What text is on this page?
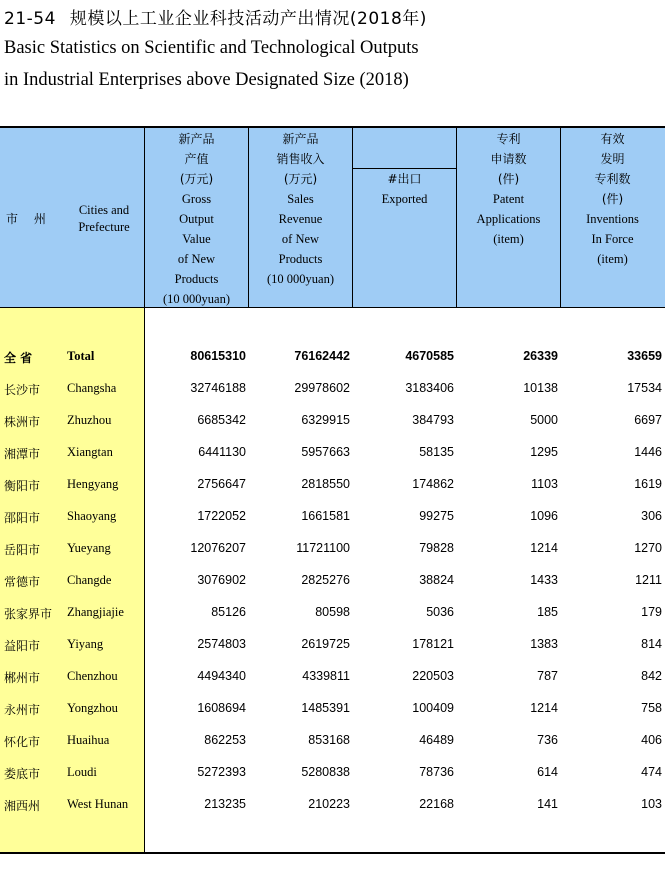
21-54 规模以上工业企业科技活动产出情况(2018年)
Basic Statistics on Scientific and Technological Outputs
in Industrial Enterprises above Designated Size (2018)
市 州
Cities and
Prefecture
新产品
产值
(万元)
Gross
Output
Value
of New
Products
(10 000yuan)
新产品
销售收入
(万元)
Sales
Revenue
of New
Products
(10 000yuan)
#出口
Exported
专利
申请数
(件)
Patent
Applications
(item)
有效
发明
专利数
(件)
Inventions
In Force
(item)
全 省	Total	80615310	76162442	4670585	26339	33659
长沙市 Changsha	32746188	29978602	3183406	10138	17534
株洲市 Zhuzhou	6685342	6329915	384793	5000	6697
湘潭市 Xiangtan	6441130	5957663	58135	1295	1446
衡阳市 Hengyang	2756647	2818550	174862	1103	1619
邵阳市 Shaoyang	1722052	1661581	99275	1096	306
岳阳市 Yueyang	12076207	11721100	79828	1214	1270
常德市 Changde	3076902	2825276	38824	1433	1211
张家界市 Zhangjiajie	85126	80598	5036	185	179
益阳市 Yiyang	2574803	2619725	178121	1383	814
郴州市 Chenzhou	4494340	4339811	220503	787	842
永州市 Yongzhou	1608694	1485391	100409	1214	758
怀化市 Huaihua	862253	853168	46489	736	406
娄底市 Loudi	5272393	5280838	78736	614	474
湘西州 West Hunan	213235	210223	22168	141	103
